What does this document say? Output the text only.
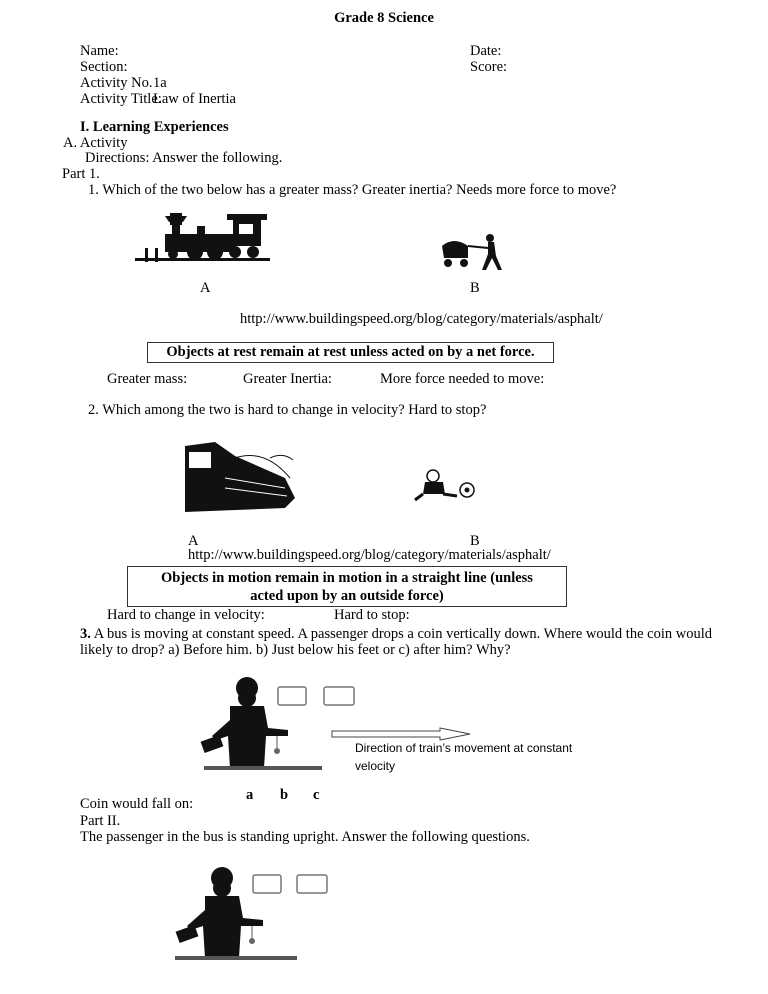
Grade 8 Science
Name:
Section:
Activity No. 1a
Activity Title:
Law of Inertia
Date:
Score:
I. Learning Experiences
A. Activity
Directions: Answer the following.
Part 1.
1. Which of the two below has a greater mass? Greater inertia? Needs more force to move?
A	B
http://www.buildingspeed.org/blog/category/materials/asphalt/
Objects at rest remain at rest unless acted on by a net force.
Greater mass:	Greater Inertia:	More force needed to move:
2. Which among the two is hard to change in velocity? Hard to stop?
A	B
http://www.buildingspeed.org/blog/category/materials/asphalt/
Objects in motion remain in motion in a straight line (unless
acted upon by an outside force)
Hard to change in velocity:	Hard to stop:
3. A bus is moving at constant speed. A passenger drops a coin vertically down. Where would the coin would
likely to drop? a) Before him. b) Just below his feet or c) after him? Why?
Direction of train’s movement at constant
velocity
a b c
Coin would fall on:
Part II.
The passenger in the bus is standing upright. Answer the following questions.
